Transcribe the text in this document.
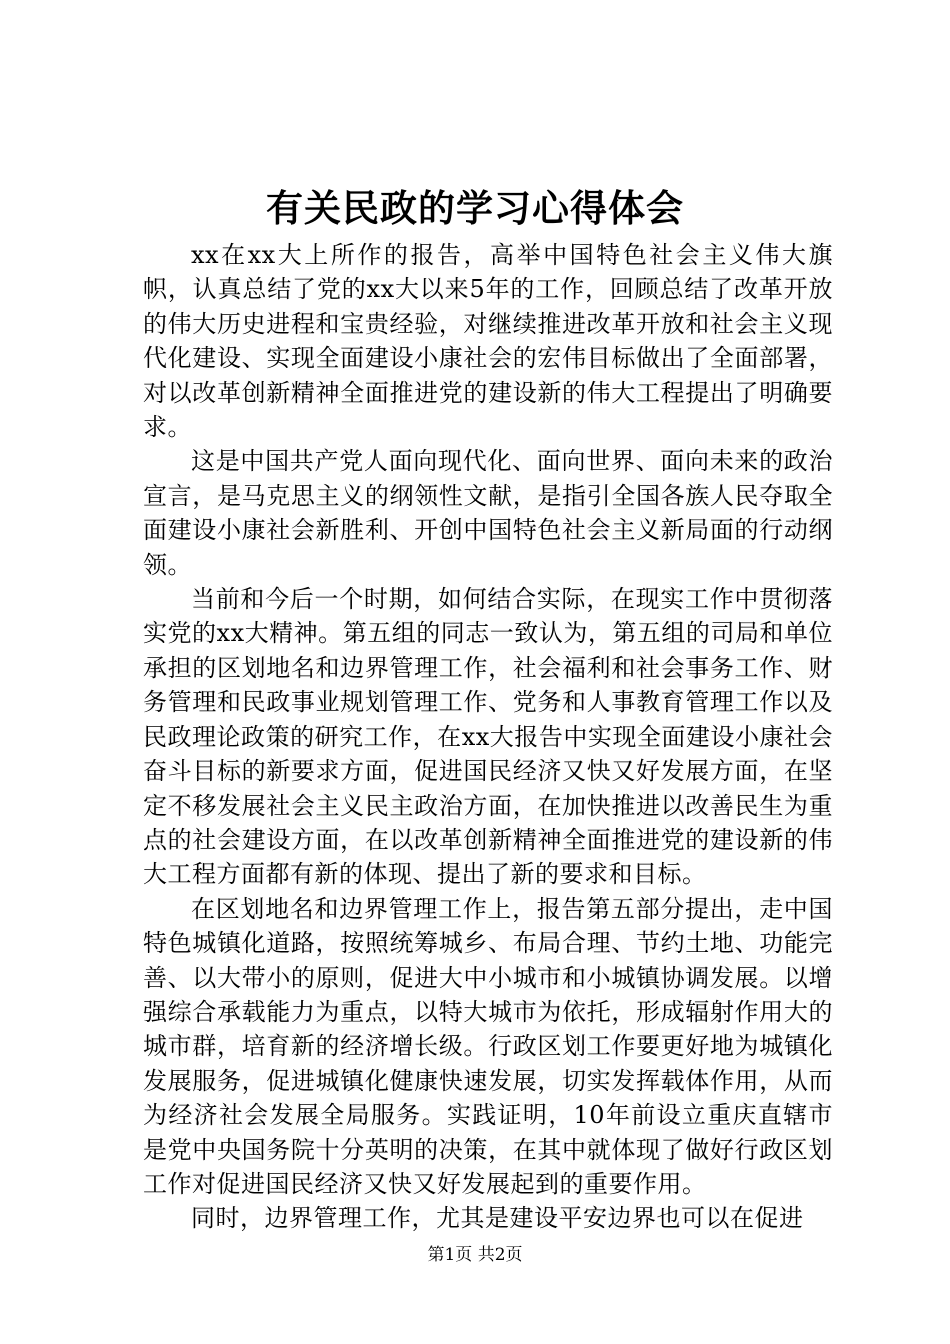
有关民政的学习心得体会

xx在xx大上所作的报告，高举中国特色社会主义伟大旗帜，认真总结了党的xx大以来5年的工作，回顾总结了改革开放的伟大历史进程和宝贵经验，对继续推进改革开放和社会主义现代化建设、实现全面建设小康社会的宏伟目标做出了全面部署，对以改革创新精神全面推进党的建设新的伟大工程提出了明确要求。

这是中国共产党人面向现代化、面向世界、面向未来的政治宣言，是马克思主义的纲领性文献，是指引全国各族人民夺取全面建设小康社会新胜利、开创中国特色社会主义新局面的行动纲领。

当前和今后一个时期，如何结合实际，在现实工作中贯彻落实党的xx大精神。第五组的同志一致认为，第五组的司局和单位承担的区划地名和边界管理工作，社会福利和社会事务工作、财务管理和民政事业规划管理工作、党务和人事教育管理工作以及民政理论政策的研究工作，在xx大报告中实现全面建设小康社会奋斗目标的新要求方面，促进国民经济又快又好发展方面，在坚定不移发展社会主义民主政治方面，在加快推进以改善民生为重点的社会建设方面，在以改革创新精神全面推进党的建设新的伟大工程方面都有新的体现、提出了新的要求和目标。

在区划地名和边界管理工作上，报告第五部分提出，走中国特色城镇化道路，按照统筹城乡、布局合理、节约土地、功能完善、以大带小的原则，促进大中小城市和小城镇协调发展。以增强综合承载能力为重点，以特大城市为依托，形成辐射作用大的城市群，培育新的经济增长级。行政区划工作要更好地为城镇化发展服务，促进城镇化健康快速发展，切实发挥载体作用，从而为经济社会发展全局服务。实践证明，10年前设立重庆直辖市是党中央国务院十分英明的决策，在其中就体现了做好行政区划工作对促进国民经济又快又好发展起到的重要作用。

同时，边界管理工作，尤其是建设平安边界也可以在促进

第1页 共2页
